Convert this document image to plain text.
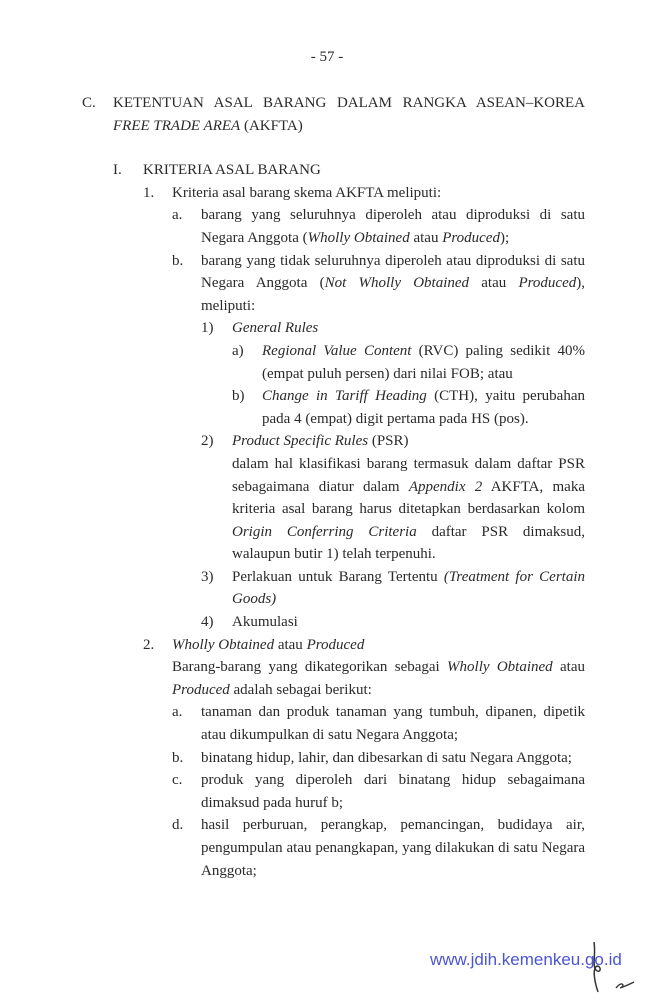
- 57 -
C. KETENTUAN ASAL BARANG DALAM RANGKA ASEAN–KOREA FREE TRADE AREA (AKFTA)
I. KRITERIA ASAL BARANG
1. Kriteria asal barang skema AKFTA meliputi:
a. barang yang seluruhnya diperoleh atau diproduksi di satu Negara Anggota (Wholly Obtained atau Produced);
b. barang yang tidak seluruhnya diperoleh atau diproduksi di satu Negara Anggota (Not Wholly Obtained atau Produced), meliputi:
1) General Rules
a) Regional Value Content (RVC) paling sedikit 40% (empat puluh persen) dari nilai FOB; atau
b) Change in Tariff Heading (CTH), yaitu perubahan pada 4 (empat) digit pertama pada HS (pos).
2) Product Specific Rules (PSR)
dalam hal klasifikasi barang termasuk dalam daftar PSR sebagaimana diatur dalam Appendix 2 AKFTA, maka kriteria asal barang harus ditetapkan berdasarkan kolom Origin Conferring Criteria daftar PSR dimaksud, walaupun butir 1) telah terpenuhi.
3) Perlakuan untuk Barang Tertentu (Treatment for Certain Goods)
4) Akumulasi
2. Wholly Obtained atau Produced
Barang-barang yang dikategorikan sebagai Wholly Obtained atau Produced adalah sebagai berikut:
a. tanaman dan produk tanaman yang tumbuh, dipanen, dipetik atau dikumpulkan di satu Negara Anggota;
b. binatang hidup, lahir, dan dibesarkan di satu Negara Anggota;
c. produk yang diperoleh dari binatang hidup sebagaimana dimaksud pada huruf b;
d. hasil perburuan, perangkap, pemancingan, budidaya air, pengumpulan atau penangkapan, yang dilakukan di satu Negara Anggota;
www.jdih.kemenkeu.go.id
